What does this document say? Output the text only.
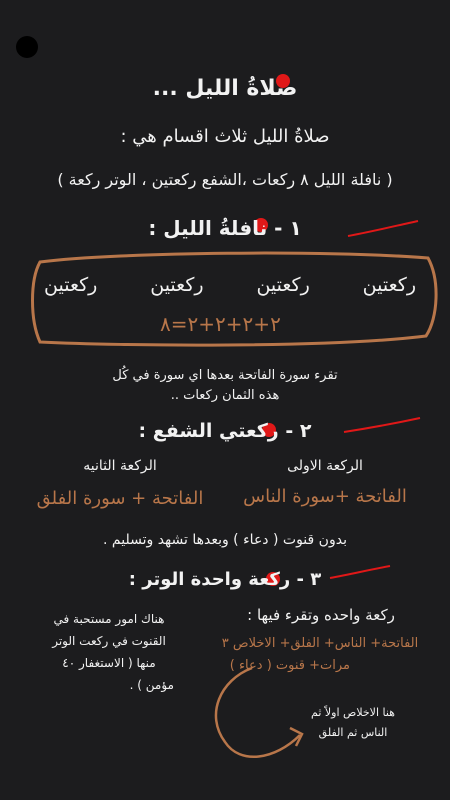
صلاةُ الليل ...
صلاةُ الليل ثلاث اقسام هي :
( نافلة الليل ٨ ركعات ،الشفع ركعتين ، الوتر ركعة )
١ - نافلةُ الليل :
ركعتين
ركعتين
ركعتين
ركعتين
٢+٢+٢+٢=٨
تقرء سورة الفاتحة بعدها اي سورة في كُل
هذه الثمان ركعات ..
٢ - ركعتي الشفع :
الركعة الاولى
الفاتحة +سورة الناس
الركعة الثانيه
الفاتحة + سورة الفلق
بدون قنوت ( دعاء ) وبعدها تشهد وتسليم .
٣ - ركعة واحدة الوتر :
ركعة واحده وتقرء فيها :
الفاتحة+ الناس+ الفلق+ الاخلاص ٣
مرات+ قنوت ( دعاء )
هناك امور مستحبة في
القنوت في ركعت الوتر
منها ( الاستغفار ٤٠
مؤمن ) .
هنا الاخلاص اولاً ثم
الناس ثم الفلق
